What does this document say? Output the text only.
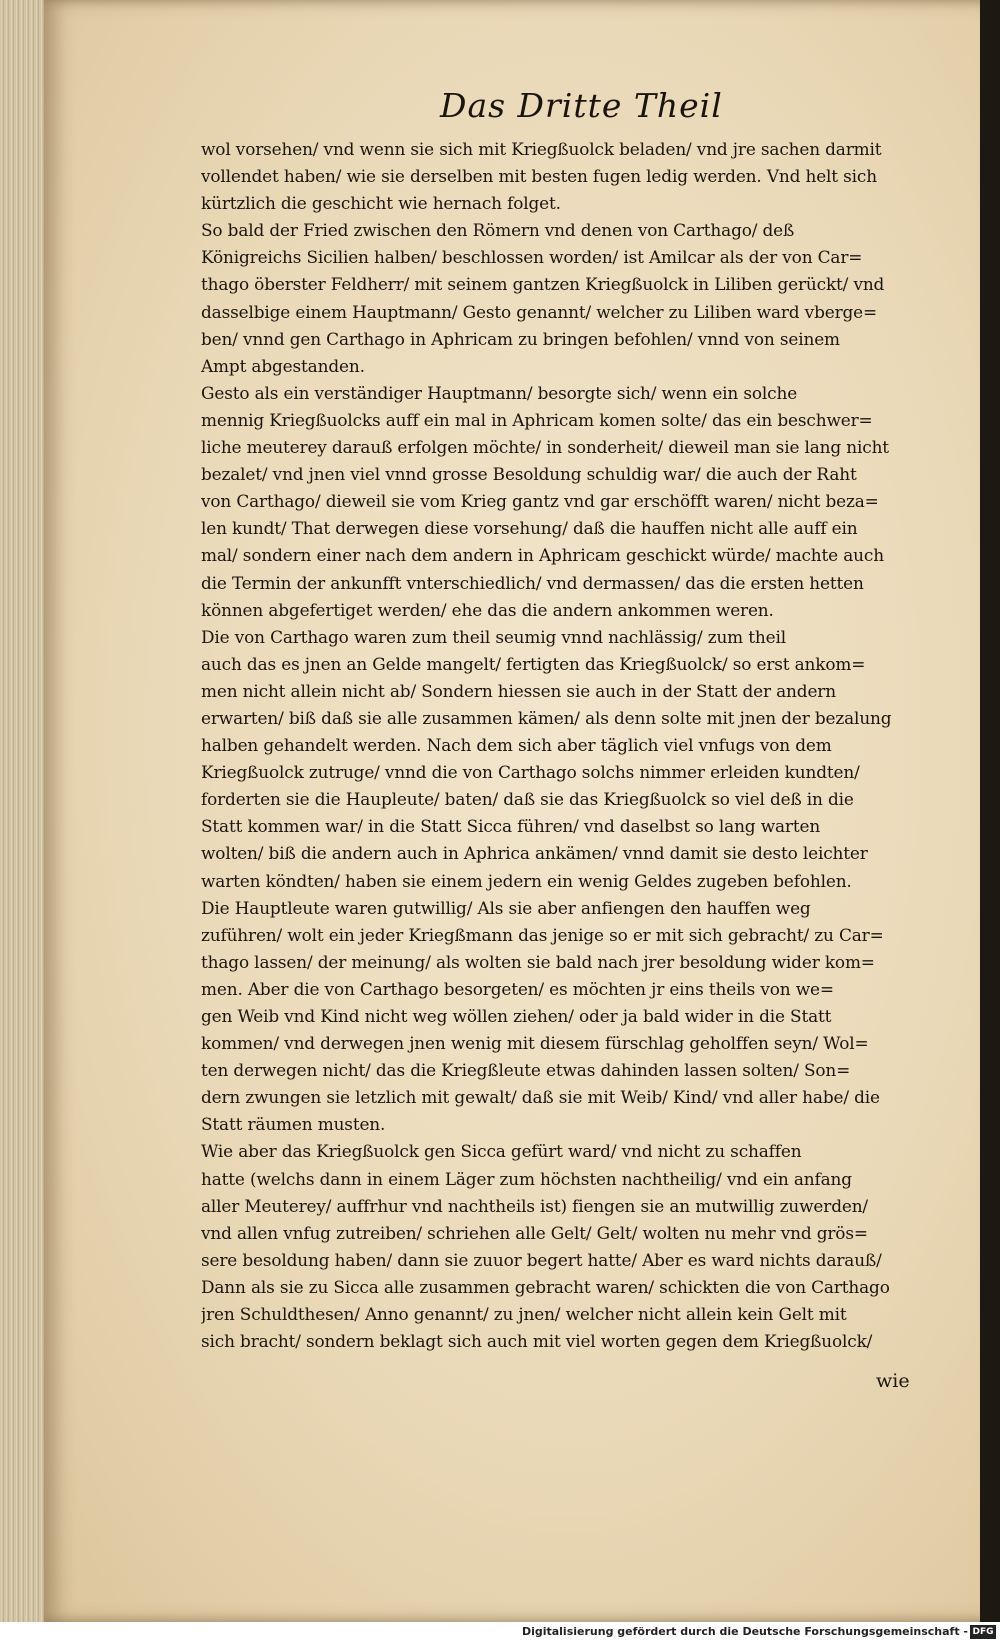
Das Dritte Theil
wol vorsehen/ vnd wenn sie sich mit Kriegßuolck beladen/ vnd jre sachen darmit
vollendet haben/ wie sie derselben mit besten fugen ledig werden. Vnd helt sich
kürtzlich die geschicht wie hernach folget.
So bald der Fried zwischen den Römern vnd denen von Carthago/ deß
Königreichs Sicilien halben/ beschlossen worden/ ist Amilcar als der von Car=
thago öberster Feldherr/ mit seinem gantzen Kriegßuolck in Liliben gerückt/ vnd
dasselbige einem Hauptmann/ Gesto genannt/ welcher zu Liliben ward vberge=
ben/ vnnd gen Carthago in Aphricam zu bringen befohlen/ vnnd von seinem
Ampt abgestanden.
Gesto als ein verständiger Hauptmann/ besorgte sich/ wenn ein solche
mennig Kriegßuolcks auff ein mal in Aphricam komen solte/ das ein beschwer=
liche meuterey darauß erfolgen möchte/ in sonderheit/ dieweil man sie lang nicht
bezalet/ vnd jnen viel vnnd grosse Besoldung schuldig war/ die auch der Raht
von Carthago/ dieweil sie vom Krieg gantz vnd gar erschöfft waren/ nicht beza=
len kundt/ That derwegen diese vorsehung/ daß die hauffen nicht alle auff ein
mal/ sondern einer nach dem andern in Aphricam geschickt würde/ machte auch
die Termin der ankunfft vnterschiedlich/ vnd dermassen/ das die ersten hetten
können abgefertiget werden/ ehe das die andern ankommen weren.
Die von Carthago waren zum theil seumig vnnd nachlässig/ zum theil
auch das es jnen an Gelde mangelt/ fertigten das Kriegßuolck/ so erst ankom=
men nicht allein nicht ab/ Sondern hiessen sie auch in der Statt der andern
erwarten/ biß daß sie alle zusammen kämen/ als denn solte mit jnen der bezalung
halben gehandelt werden. Nach dem sich aber täglich viel vnfugs von dem
Kriegßuolck zutruge/ vnnd die von Carthago solchs nimmer erleiden kundten/
forderten sie die Haupleute/ baten/ daß sie das Kriegßuolck so viel deß in die
Statt kommen war/ in die Statt Sicca führen/ vnd daselbst so lang warten
wolten/ biß die andern auch in Aphrica ankämen/ vnnd damit sie desto leichter
warten köndten/ haben sie einem jedern ein wenig Geldes zugeben befohlen.
Die Hauptleute waren gutwillig/ Als sie aber anfiengen den hauffen weg
zuführen/ wolt ein jeder Kriegßmann das jenige so er mit sich gebracht/ zu Car=
thago lassen/ der meinung/ als wolten sie bald nach jrer besoldung wider kom=
men. Aber die von Carthago besorgeten/ es möchten jr eins theils von we=
gen Weib vnd Kind nicht weg wöllen ziehen/ oder ja bald wider in die Statt
kommen/ vnd derwegen jnen wenig mit diesem fürschlag geholffen seyn/ Wol=
ten derwegen nicht/ das die Kriegßleute etwas dahinden lassen solten/ Son=
dern zwungen sie letzlich mit gewalt/ daß sie mit Weib/ Kind/ vnd aller habe/ die
Statt räumen musten.
Wie aber das Kriegßuolck gen Sicca gefürt ward/ vnd nicht zu schaffen
hatte (welchs dann in einem Läger zum höchsten nachtheilig/ vnd ein anfang
aller Meuterey/ auffrhur vnd nachtheils ist) fiengen sie an mutwillig zuwerden/
vnd allen vnfug zutreiben/ schriehen alle Gelt/ Gelt/ wolten nu mehr vnd grös=
sere besoldung haben/ dann sie zuuor begert hatte/ Aber es ward nichts darauß/
Dann als sie zu Sicca alle zusammen gebracht waren/ schickten die von Carthago
jren Schuldthesen/ Anno genannt/ zu jnen/ welcher nicht allein kein Gelt mit
sich bracht/ sondern beklagt sich auch mit viel worten gegen dem Kriegßuolck/
wie
Digitalisierung gefördert durch die Deutsche Forschungsgemeinschaft - DFG
